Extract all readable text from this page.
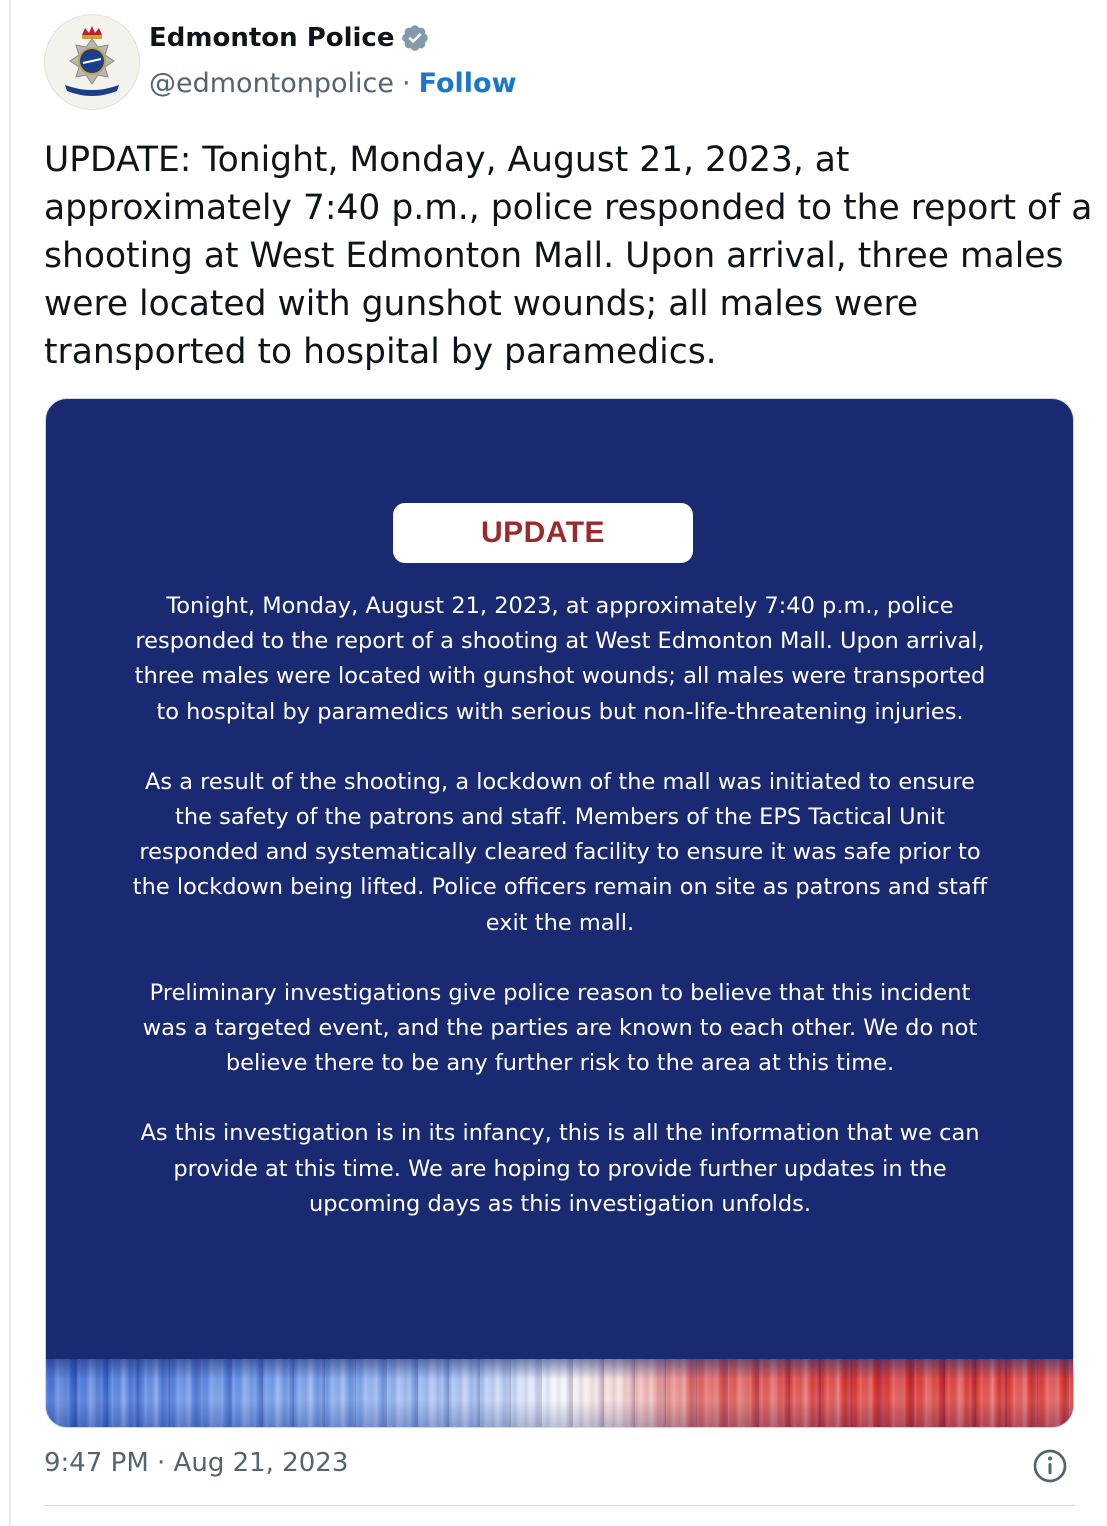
Edmonton Police
@edmontonpolice · Follow

UPDATE: Tonight, Monday, August 21, 2023, at approximately 7:40 p.m., police responded to the report of a shooting at West Edmonton Mall. Upon arrival, three males were located with gunshot wounds; all males were transported to hospital by paramedics.

UPDATE

Tonight, Monday, August 21, 2023, at approximately 7:40 p.m., police responded to the report of a shooting at West Edmonton Mall. Upon arrival, three males were located with gunshot wounds; all males were transported to hospital by paramedics with serious but non-life-threatening injuries.

As a result of the shooting, a lockdown of the mall was initiated to ensure the safety of the patrons and staff. Members of the EPS Tactical Unit responded and systematically cleared facility to ensure it was safe prior to the lockdown being lifted. Police officers remain on site as patrons and staff exit the mall.

Preliminary investigations give police reason to believe that this incident was a targeted event, and the parties are known to each other. We do not believe there to be any further risk to the area at this time.

As this investigation is in its infancy, this is all the information that we can provide at this time. We are hoping to provide further updates in the upcoming days as this investigation unfolds.

9:47 PM · Aug 21, 2023
